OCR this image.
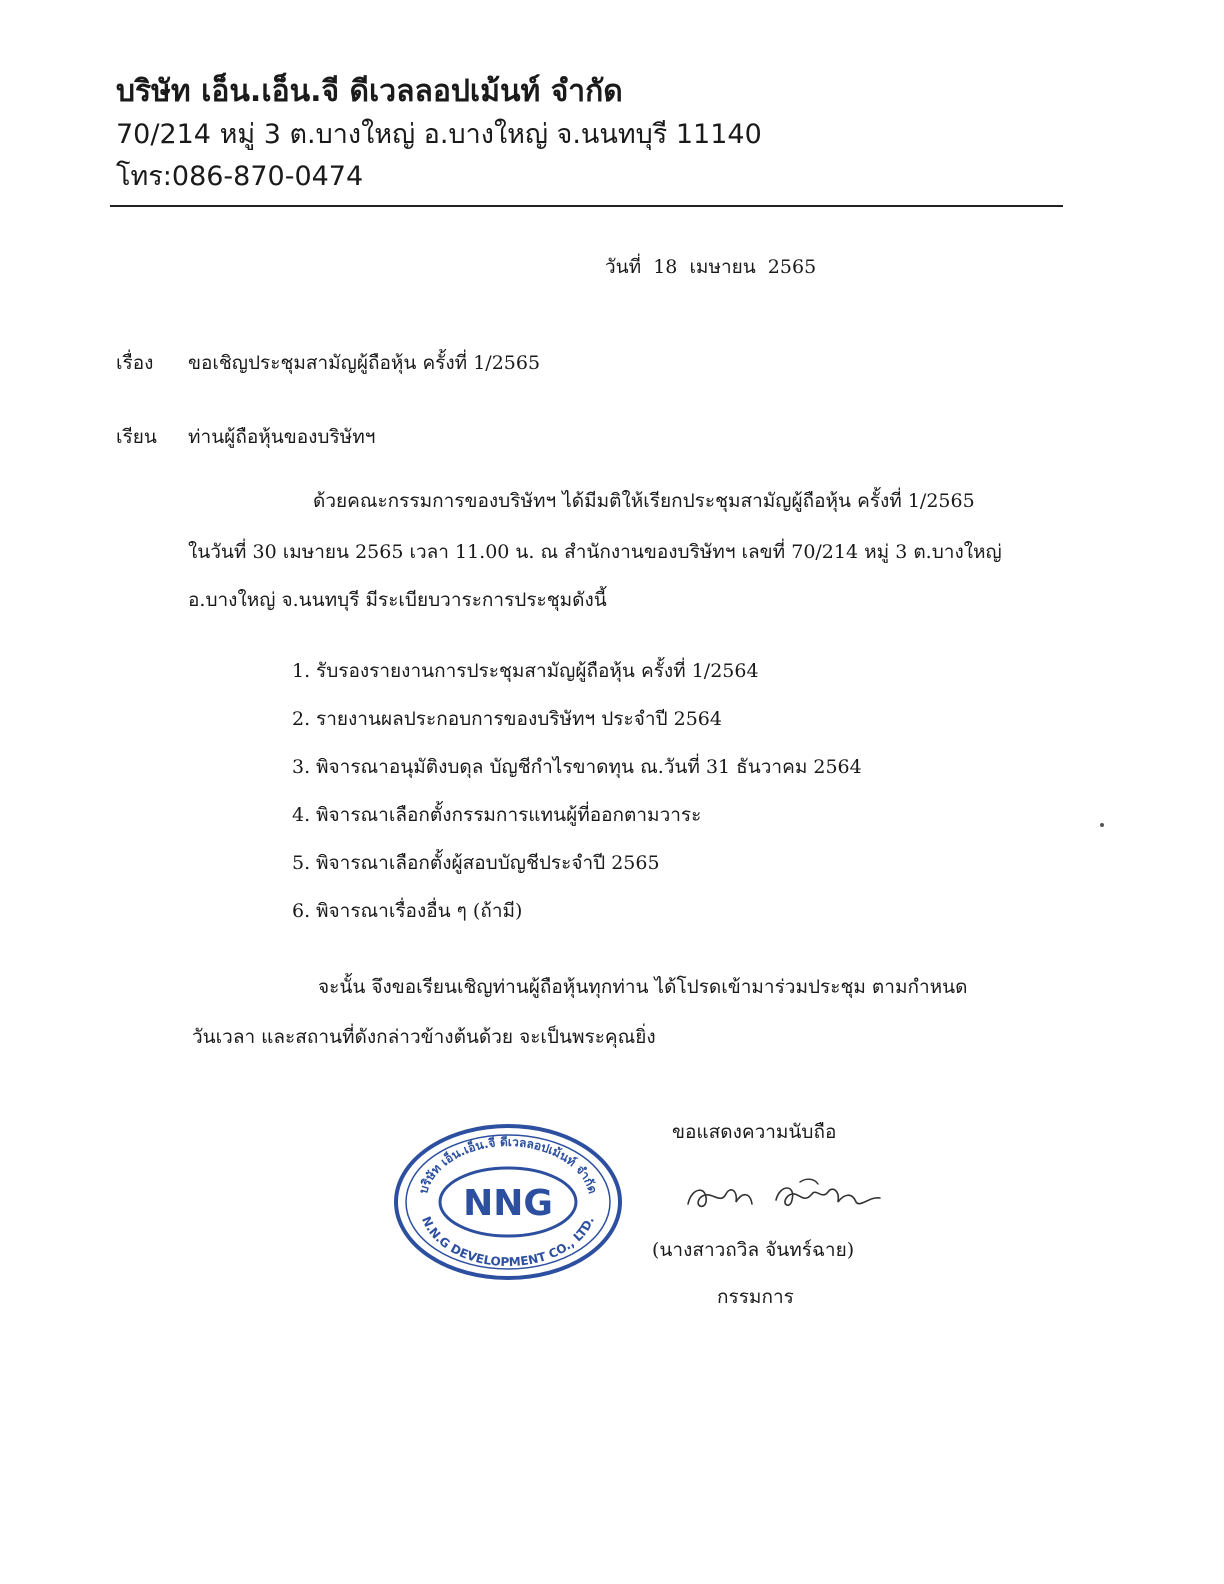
บริษัท เอ็น.เอ็น.จี ดีเวลลอปเม้นท์ จำกัด

70/214 หมู่ 3 ต.บางใหญ่ อ.บางใหญ่ จ.นนทบุรี 11140

โทร:086-870-0474

วันที่ 18 เมษายน 2565
เรื่อง	ขอเชิญประชุมสามัญผู้ถือหุ้น ครั้งที่ 1/2565
เรียน	ท่านผู้ถือหุ้นของบริษัทฯ
ด้วยคณะกรรมการของบริษัทฯ ได้มีมติให้เรียกประชุมสามัญผู้ถือหุ้น ครั้งที่ 1/2565
ในวันที่ 30 เมษายน 2565 เวลา 11.00 น. ณ สำนักงานของบริษัทฯ เลขที่ 70/214 หมู่ 3 ต.บางใหญ่
อ.บางใหญ่ จ.นนทบุรี มีระเบียบวาระการประชุมดังนี้
1. รับรองรายงานการประชุมสามัญผู้ถือหุ้น ครั้งที่ 1/2564
2. รายงานผลประกอบการของบริษัทฯ ประจำปี 2564
3. พิจารณาอนุมัติงบดุล บัญชีกำไรขาดทุน ณ.วันที่ 31 ธันวาคม 2564
4. พิจารณาเลือกตั้งกรรมการแทนผู้ที่ออกตามวาระ
5. พิจารณาเลือกตั้งผู้สอบบัญชีประจำปี 2565
6. พิจารณาเรื่องอื่น ๆ (ถ้ามี)
จะนั้น จึงขอเรียนเชิญท่านผู้ถือหุ้นทุกท่าน ได้โปรดเข้ามาร่วมประชุม ตามกำหนด
วันเวลา และสถานที่ดังกล่าวข้างต้นด้วย จะเป็นพระคุณยิ่ง
ขอแสดงความนับถือ
(นางสาวถวิล จันทร์ฉาย)
กรรมการ
บริษัท เอ็น.เอ็น.จี ดีเวลลอปเม้นท์ จำกัด
N.N.G DEVELOPMENT CO., LTD.
NNG
